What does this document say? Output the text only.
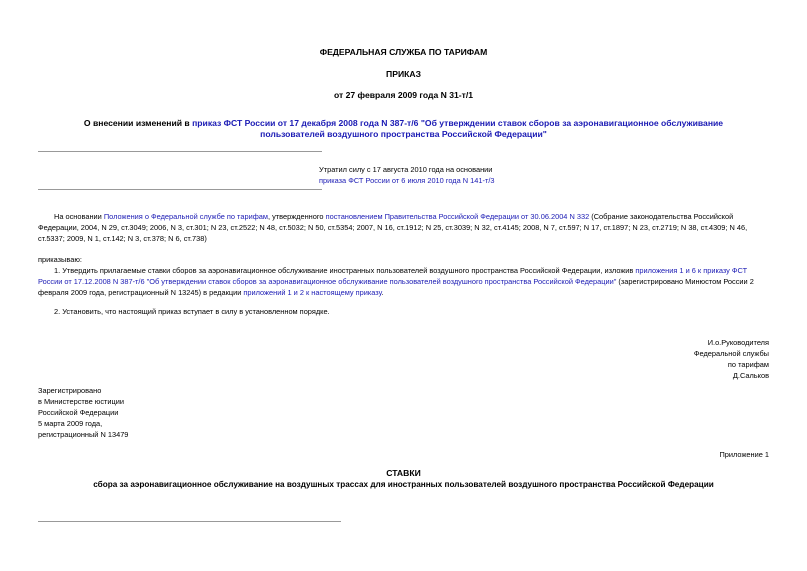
ФЕДЕРАЛЬНАЯ СЛУЖБА ПО ТАРИФАМ
ПРИКАЗ
от 27 февраля 2009 года N 31-т/1
О внесении изменений в приказ ФСТ России от 17 декабря 2008 года N 387-т/6 "Об утверждении ставок сборов за аэронавигационное обслуживание
пользователей воздушного пространства Российской Федерации"
Утратил силу с 17 августа 2010 года на основании
приказа ФСТ России от 6 июля 2010 года N 141-т/3
На основании Положения о Федеральной службе по тарифам, утвержденного постановлением Правительства Российской Федерации от 30.06.2004 N 332 (Собрание законодательства Российской Федерации, 2004, N 29, ст.3049; 2006, N 3, ст.301; N 23, ст.2522; N 48, ст.5032; N 50, ст.5354; 2007, N 16, ст.1912; N 25, ст.3039; N 32, ст.4145; 2008, N 7, ст.597; N 17, ст.1897; N 23, ст.2719; N 38, ст.4309; N 46, ст.5337; 2009, N 1, ст.142; N 3, ст.378; N 6, ст.738)
приказываю:
1. Утвердить прилагаемые ставки сборов за аэронавигационное обслуживание иностранных пользователей воздушного пространства Российской Федерации, изложив приложения 1 и 6 к приказу ФСТ России от 17.12.2008 N 387-т/6 "Об утверждении ставок сборов за аэронавигационное обслуживание пользователей воздушного пространства Российской Федерации" (зарегистрировано Минюстом России 2 февраля 2009 года, регистрационный N 13245) в редакции приложений 1 и 2 к настоящему приказу.
2. Установить, что настоящий приказ вступает в силу в установленном порядке.
И.о.Руководителя
Федеральной службы
по тарифам
Д.Сальков
Зарегистрировано
в Министерстве юстиции
Российской Федерации
5 марта 2009 года,
регистрационный N 13479
Приложение 1
СТАВКИ
сбора за аэронавигационное обслуживание на воздушных трассах для иностранных пользователей воздушного пространства Российской Федерации
